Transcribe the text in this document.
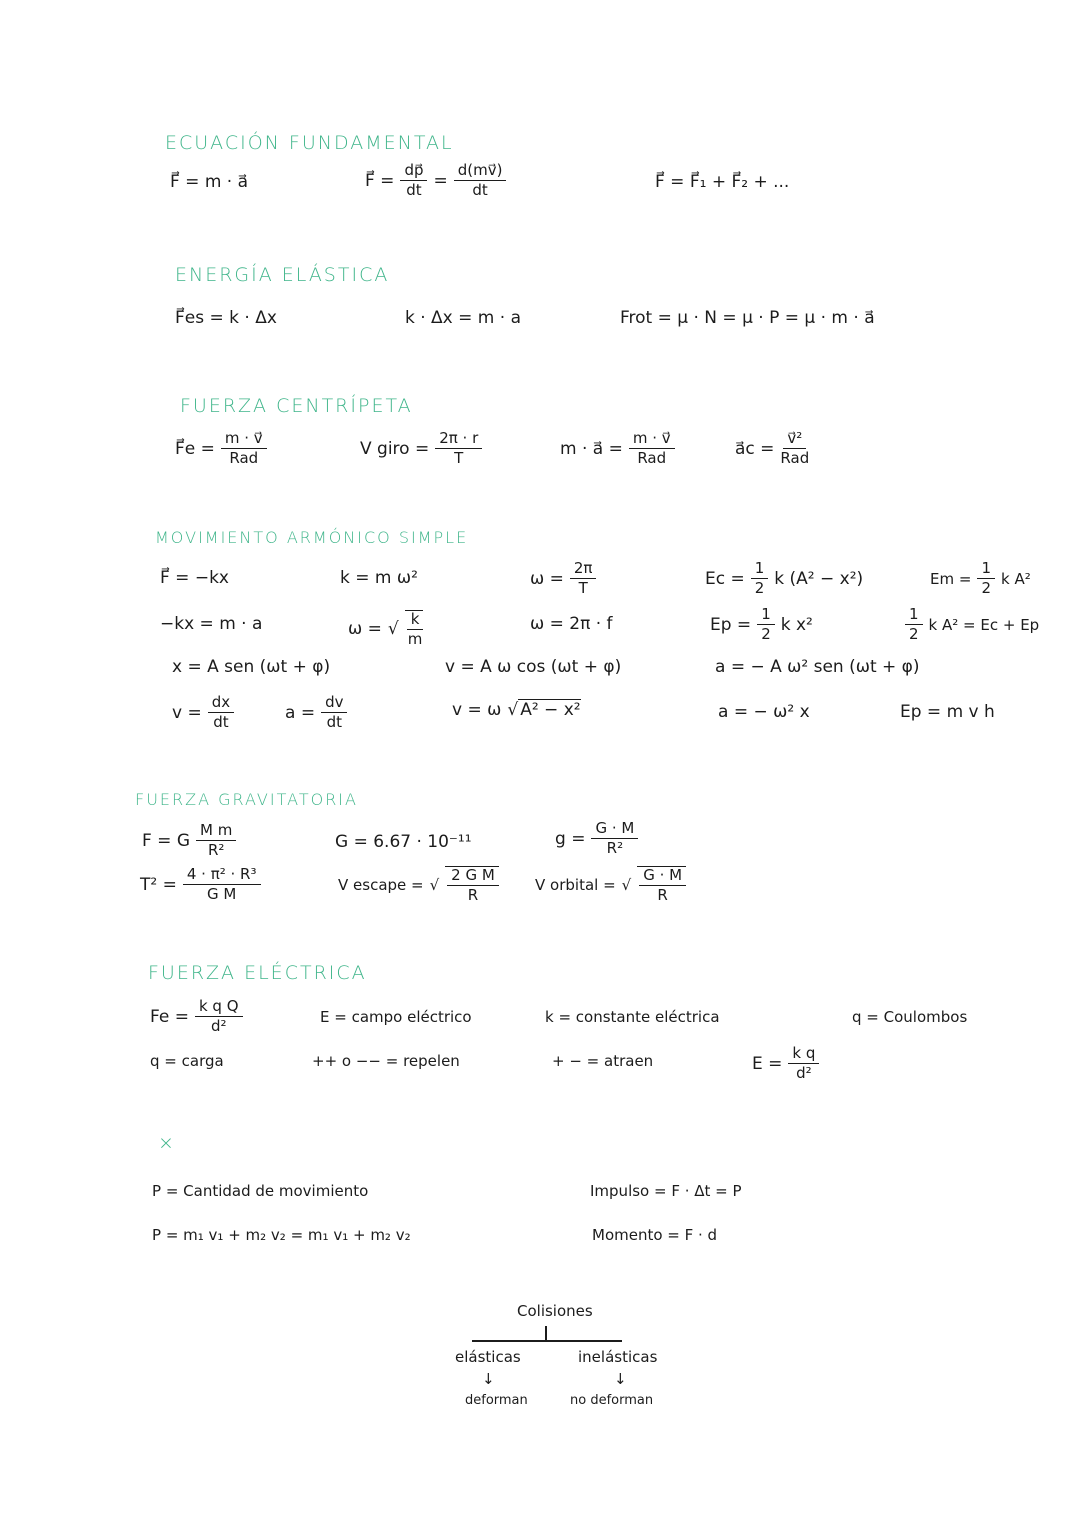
ECUACIÓN FUNDAMENTAL
F⃗ = m · a⃗	F⃗ = $\frac{dp⃗}{dt} = \frac{d(mv⃗)}{dt}$	F⃗ = F⃗₁ + F⃗₂ + ...
ENERGÍA ELÁSTICA
F⃗es = k · Δx	k · Δx = m · a	Frot = μ · N = μ · P = μ · m · a⃗
FUERZA CENTRÍPETA
F⃗e = $\frac{m \cdot v⃗}{\text{Rad}}$	V giro = $\frac{2\pi \cdot r}{T}$	m · a⃗ = $\frac{m \cdot v⃗}{\text{Rad}}$	a⃗c = $\frac{\text{v⃗²}}{\text{Rad}}$
MOVIMIENTO ARMÓNICO SIMPLE
F⃗ = −kx	k = m ω²	$\omega = \frac{2\pi}{T}$	$Ec = \frac{1}{2}$ k (A² − x²)	$Em = \frac{1}{2}$ k A²
−kx = m · a	ω = √ $\frac{k}{m}$	ω = 2π · f	$Ep = \frac{1}{2}$ k x²	$\frac{1}{2}$ k A² = Ec + Ep
x = A sen (ωt + φ)	v = A ω cos (ωt + φ)	a = − A ω² sen (ωt + φ)
$v = \frac{dx}{dt}$	$a = \frac{dv}{dt}$	v = ω √ A² − x²	a = − ω² x	Ep = m v h
FUERZA GRAVITATORIA
F = G $\frac{\text{M m}}{\text{R²}}$	G = 6.67 · 10⁻¹¹	$g = \frac{G \cdot M}{\text{R²}}$
$T^2 = \frac{\text{4 · π² · R³}}{\text{G M}}$	V escape = √ $\frac{\text{2 G M}}{R}$ V orbital = √ $\frac{G \cdot M}{R}$
FUERZA ELÉCTRICA
$Fe = \frac{\text{k q Q}}{\text{d²}}$	E = campo eléctrico	k = constante eléctrica	q = Coulombos
q = carga	++ o −− = repelen	+ − = atraen	$E = \frac{\text{k q}}{\text{d²}}$
×
P = Cantidad de movimiento	Impulso = F · Δt = P
P = m₁ v₁ + m₂ v₂ = m₁ v₁ + m₂ v₂	Momento = F · d
Colisiones
elásticas	inelásticas
↓	↓
deforman	no deforman
